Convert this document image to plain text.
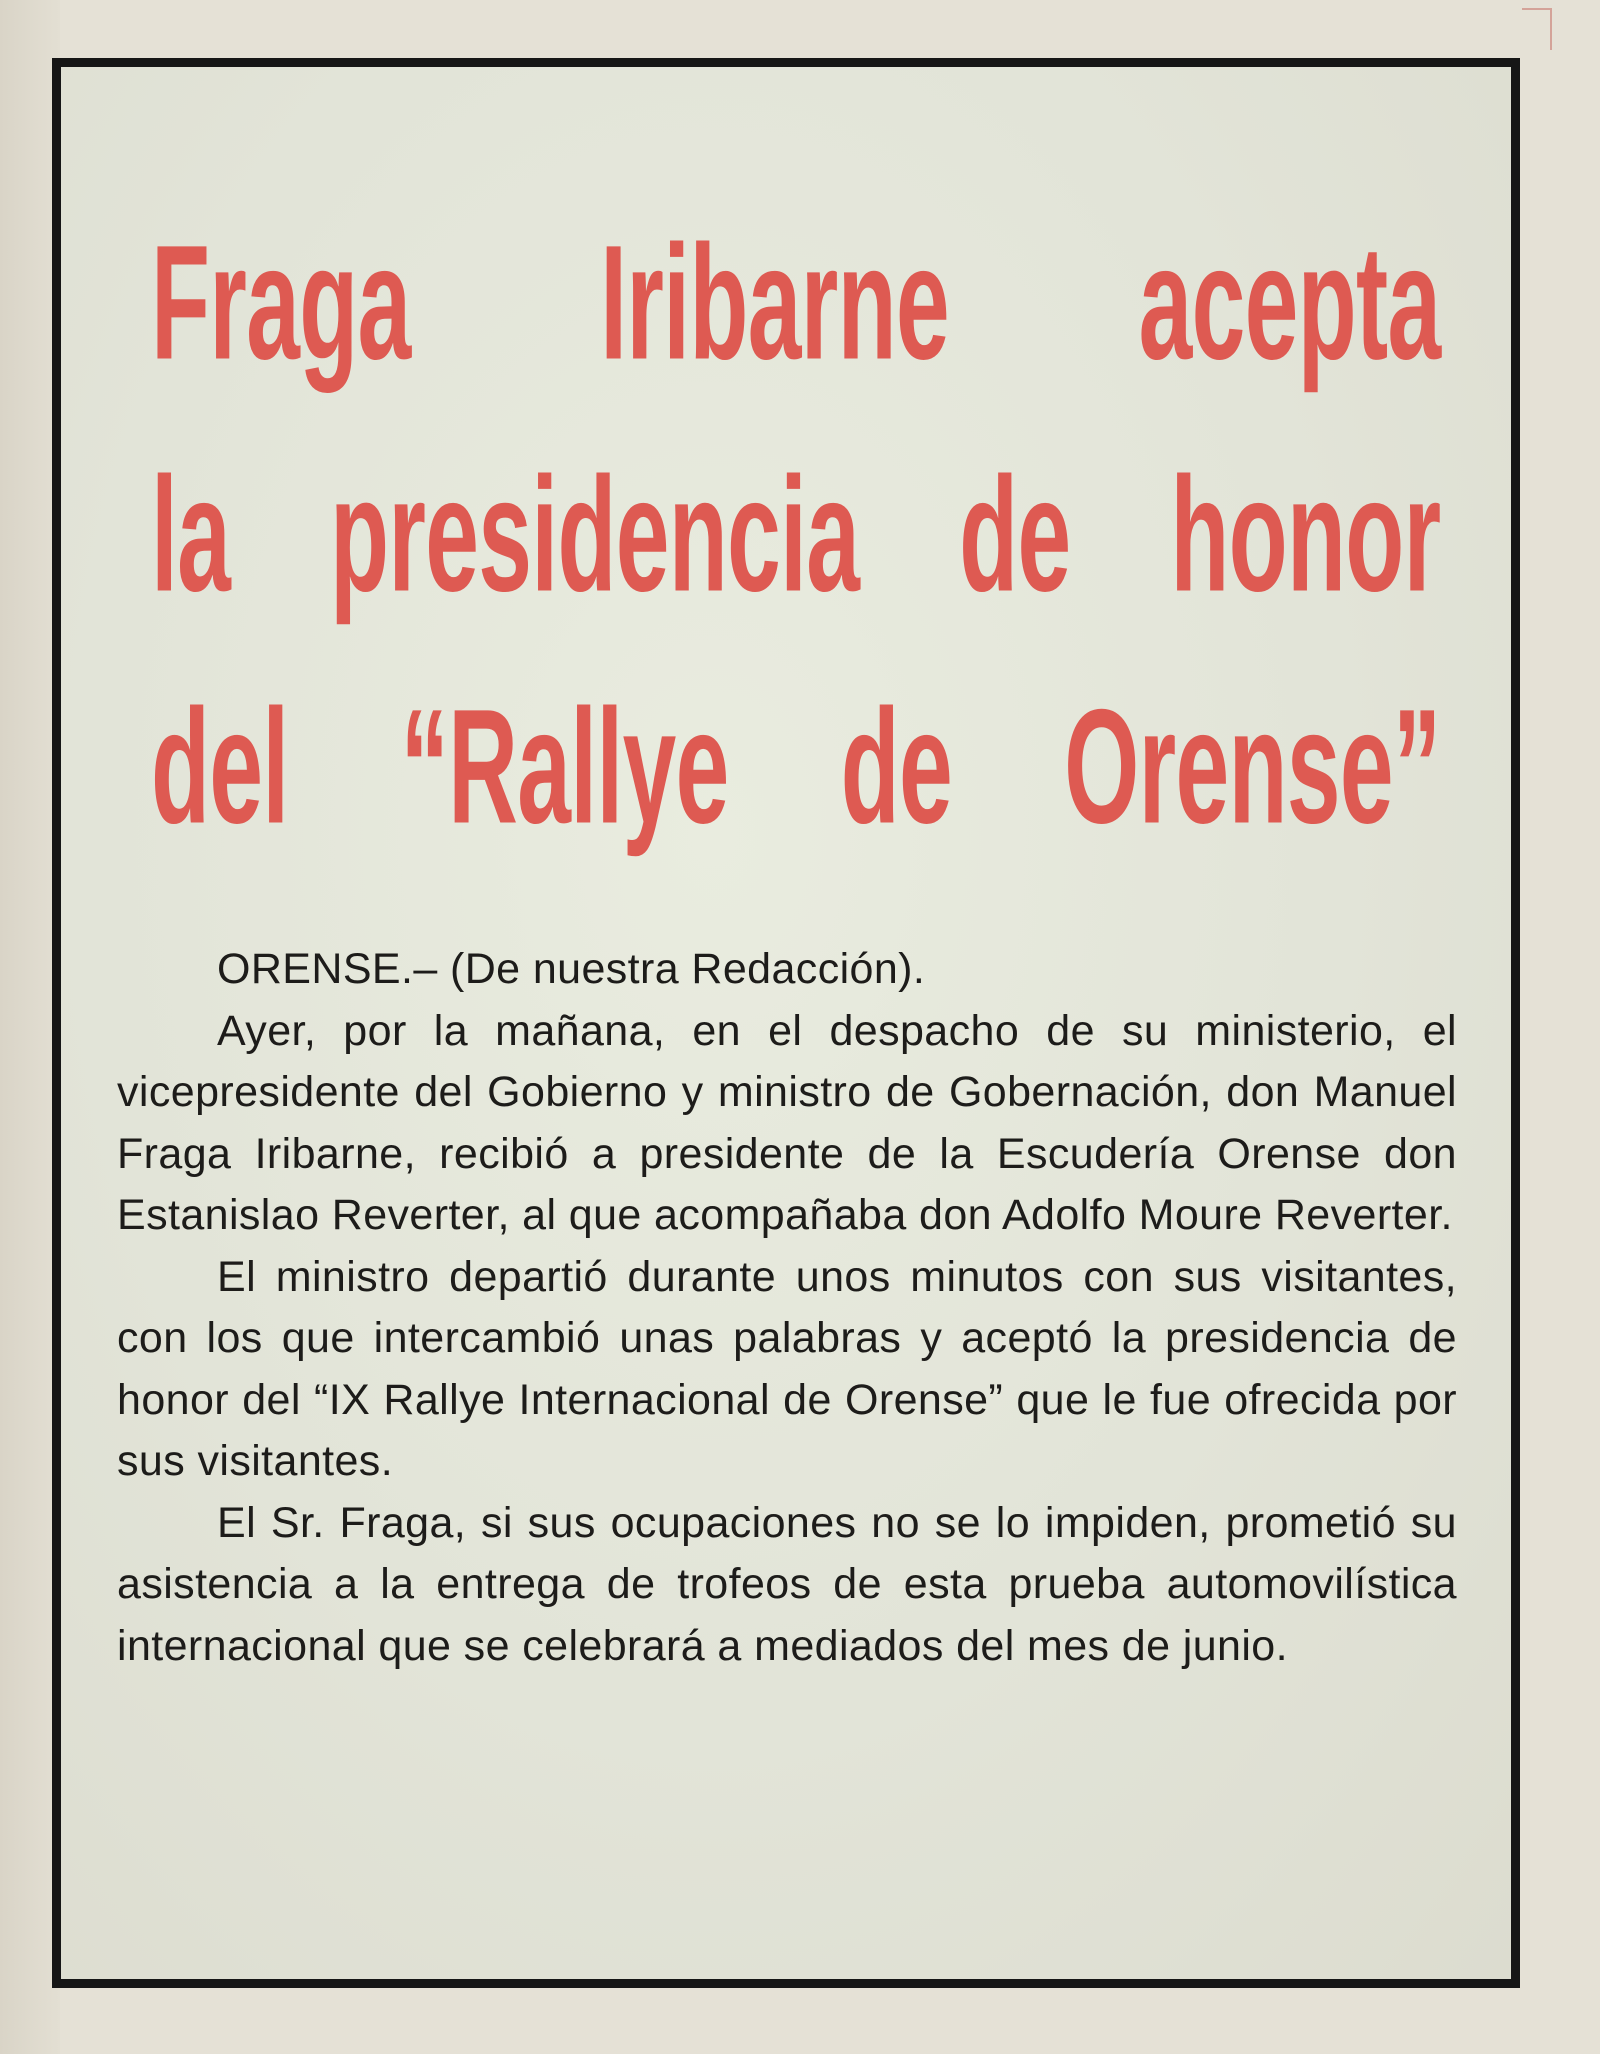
Fraga Iribarne acepta
la presidencia de honor
del “Rallye de Orense”

ORENSE.– (De nuestra Redacción).

Ayer, por la mañana, en el despacho de su ministerio, el vicepresidente del Gobierno y ministro de Gobernación, don Manuel Fraga Iribarne, recibió a presidente de la Escudería Orense don Estanislao Reverter, al que acompañaba don Adolfo Moure Reverter.

El ministro departió durante unos minutos con sus visitantes, con los que intercambió unas palabras y aceptó la presidencia de honor del “IX Rallye Internacional de Orense” que le fue ofrecida por sus visitantes.

El Sr. Fraga, si sus ocupaciones no se lo impiden, prometió su asistencia a la entrega de trofeos de esta prueba automovilística internacional que se celebrará a mediados del mes de junio.
